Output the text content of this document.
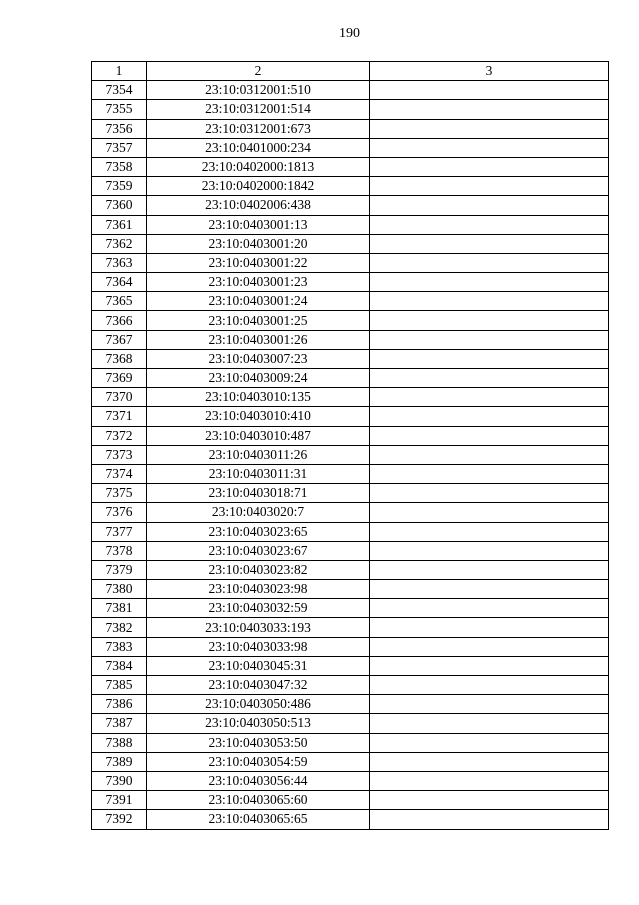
190
1	2	3
7354	23:10:0312001:510	
7355	23:10:0312001:514	
7356	23:10:0312001:673	
7357	23:10:0401000:234	
7358	23:10:0402000:1813	
7359	23:10:0402000:1842	
7360	23:10:0402006:438	
7361	23:10:0403001:13	
7362	23:10:0403001:20	
7363	23:10:0403001:22	
7364	23:10:0403001:23	
7365	23:10:0403001:24	
7366	23:10:0403001:25	
7367	23:10:0403001:26	
7368	23:10:0403007:23	
7369	23:10:0403009:24	
7370	23:10:0403010:135	
7371	23:10:0403010:410	
7372	23:10:0403010:487	
7373	23:10:0403011:26	
7374	23:10:0403011:31	
7375	23:10:0403018:71	
7376	23:10:0403020:7	
7377	23:10:0403023:65	
7378	23:10:0403023:67	
7379	23:10:0403023:82	
7380	23:10:0403023:98	
7381	23:10:0403032:59	
7382	23:10:0403033:193	
7383	23:10:0403033:98	
7384	23:10:0403045:31	
7385	23:10:0403047:32	
7386	23:10:0403050:486	
7387	23:10:0403050:513	
7388	23:10:0403053:50	
7389	23:10:0403054:59	
7390	23:10:0403056:44	
7391	23:10:0403065:60	
7392	23:10:0403065:65	
